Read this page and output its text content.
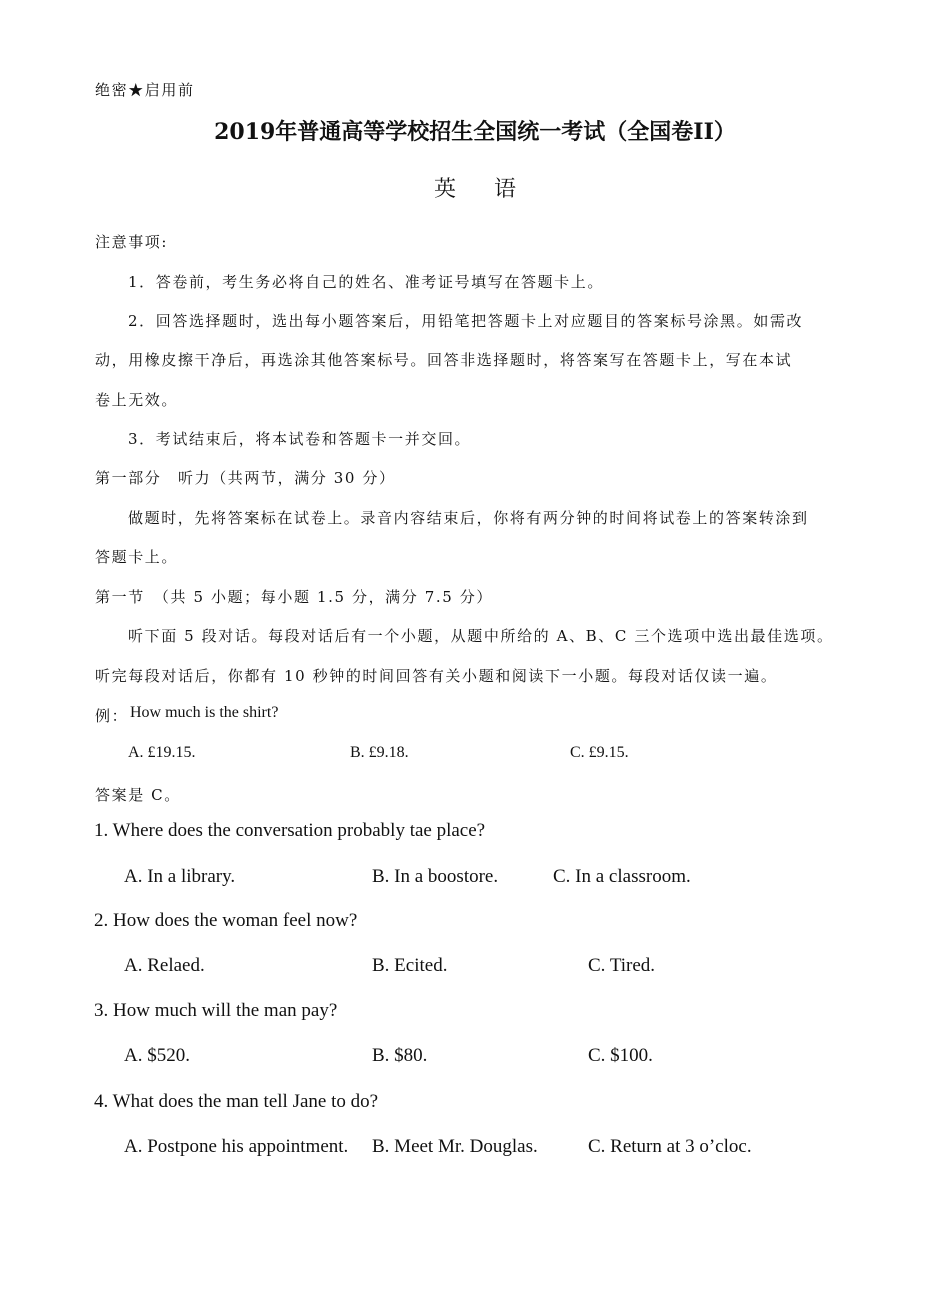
绝密★启用前
2019年普通高等学校招生全国统一考试（全国卷II）
英语
注意事项:
1．答卷前，考生务必将自己的姓名、准考证号填写在答题卡上。
2．回答选择题时，选出每小题答案后，用铅笔把答题卡上对应题目的答案标号涂黑。如需改
动，用橡皮擦干净后，再选涂其他答案标号。回答非选择题时，将答案写在答题卡上，写在本试
卷上无效。
3．考试结束后，将本试卷和答题卡一并交回。
第一部分　听力（共两节，满分 30 分）
做题时，先将答案标在试卷上。录音内容结束后，你将有两分钟的时间将试卷上的答案转涂到
答题卡上。
第一节　（共 5 小题；每小题 1.5 分，满分 7.5 分）
听下面 5 段对话。每段对话后有一个小题，从题中所给的 A、B、C 三个选项中选出最佳选项。
听完每段对话后，你都有 10 秒钟的时间回答有关小题和阅读下一小题。每段对话仅读一遍。
例： How much is the shirt?
A. £19.15.	B. £9.18.	C. £9.15.
答案是 C。
1. Where does the conversation probably tae place?
A. In a library.	B. In a boostore.	C. In a classroom.
2. How does the woman feel now?
A. Relaed.	B. Ecited.	C. Tired.
3. How much will the man pay?
A. $520.	B. $80.	C. $100.
4. What does the man tell Jane to do?
A. Postpone his appointment. B. Meet Mr. Douglas.	C. Return at 3 o’cloc.
